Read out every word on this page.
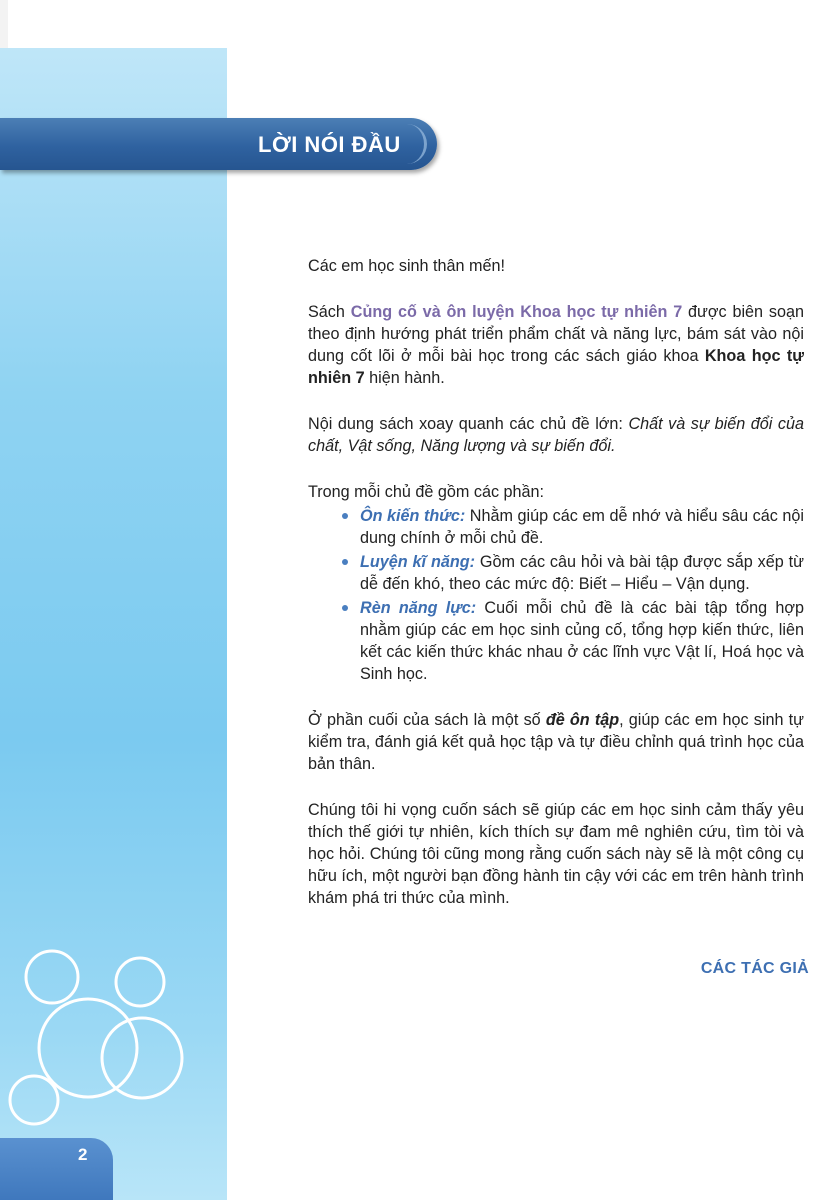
LỜI NÓI ĐẦU

Các em học sinh thân mến!

Sách Củng cố và ôn luyện Khoa học tự nhiên 7 được biên soạn theo định hướng phát triển phẩm chất và năng lực, bám sát vào nội dung cốt lõi ở mỗi bài học trong các sách giáo khoa Khoa học tự nhiên 7 hiện hành.

Nội dung sách xoay quanh các chủ đề lớn: Chất và sự biến đổi của chất, Vật sống, Năng lượng và sự biến đổi.

Trong mỗi chủ đề gồm các phần:

Ôn kiến thức: Nhằm giúp các em dễ nhớ và hiểu sâu các nội dung chính ở mỗi chủ đề.
Luyện kĩ năng: Gồm các câu hỏi và bài tập được sắp xếp từ dễ đến khó, theo các mức độ: Biết – Hiểu – Vận dụng.
Rèn năng lực: Cuối mỗi chủ đề là các bài tập tổng hợp nhằm giúp các em học sinh củng cố, tổng hợp kiến thức, liên kết các kiến thức khác nhau ở các lĩnh vực Vật lí, Hoá học và Sinh học.

Ở phần cuối của sách là một số đề ôn tập, giúp các em học sinh tự kiểm tra, đánh giá kết quả học tập và tự điều chỉnh quá trình học của bản thân.

Chúng tôi hi vọng cuốn sách sẽ giúp các em học sinh cảm thấy yêu thích thế giới tự nhiên, kích thích sự đam mê nghiên cứu, tìm tòi và học hỏi. Chúng tôi cũng mong rằng cuốn sách này sẽ là một công cụ hữu ích, một người bạn đồng hành tin cậy với các em trên hành trình khám phá tri thức của mình.

CÁC TÁC GIẢ
2
